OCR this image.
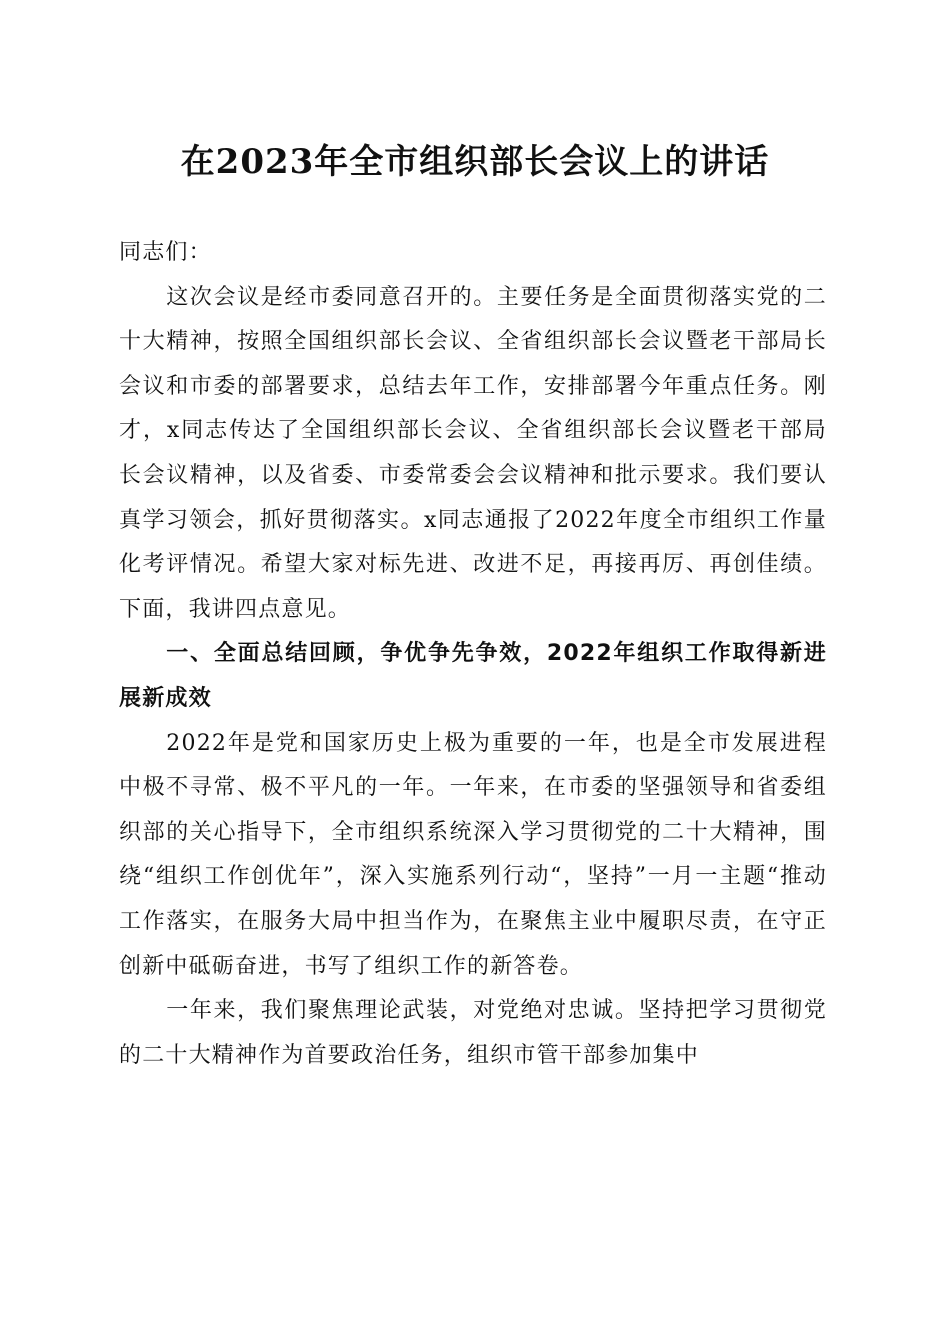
在2023年全市组织部长会议上的讲话

同志们：

这次会议是经市委同意召开的。主要任务是全面贯彻落实党的二十大精神，按照全国组织部长会议、全省组织部长会议暨老干部局长会议和市委的部署要求，总结去年工作，安排部署今年重点任务。刚才，x同志传达了全国组织部长会议、全省组织部长会议暨老干部局长会议精神，以及省委、市委常委会会议精神和批示要求。我们要认真学习领会，抓好贯彻落实。x同志通报了2022年度全市组织工作量化考评情况。希望大家对标先进、改进不足，再接再厉、再创佳绩。下面，我讲四点意见。

一、全面总结回顾，争优争先争效，2022年组织工作取得新进展新成效

2022年是党和国家历史上极为重要的一年，也是全市发展进程中极不寻常、极不平凡的一年。一年来，在市委的坚强领导和省委组织部的关心指导下，全市组织系统深入学习贯彻党的二十大精神，围绕“组织工作创优年”，深入实施系列行动“，坚持”一月一主题“推动工作落实，在服务大局中担当作为，在聚焦主业中履职尽责，在守正创新中砥砺奋进，书写了组织工作的新答卷。

一年来，我们聚焦理论武装，对党绝对忠诚。坚持把学习贯彻党的二十大精神作为首要政治任务，组织市管干部参加集中
